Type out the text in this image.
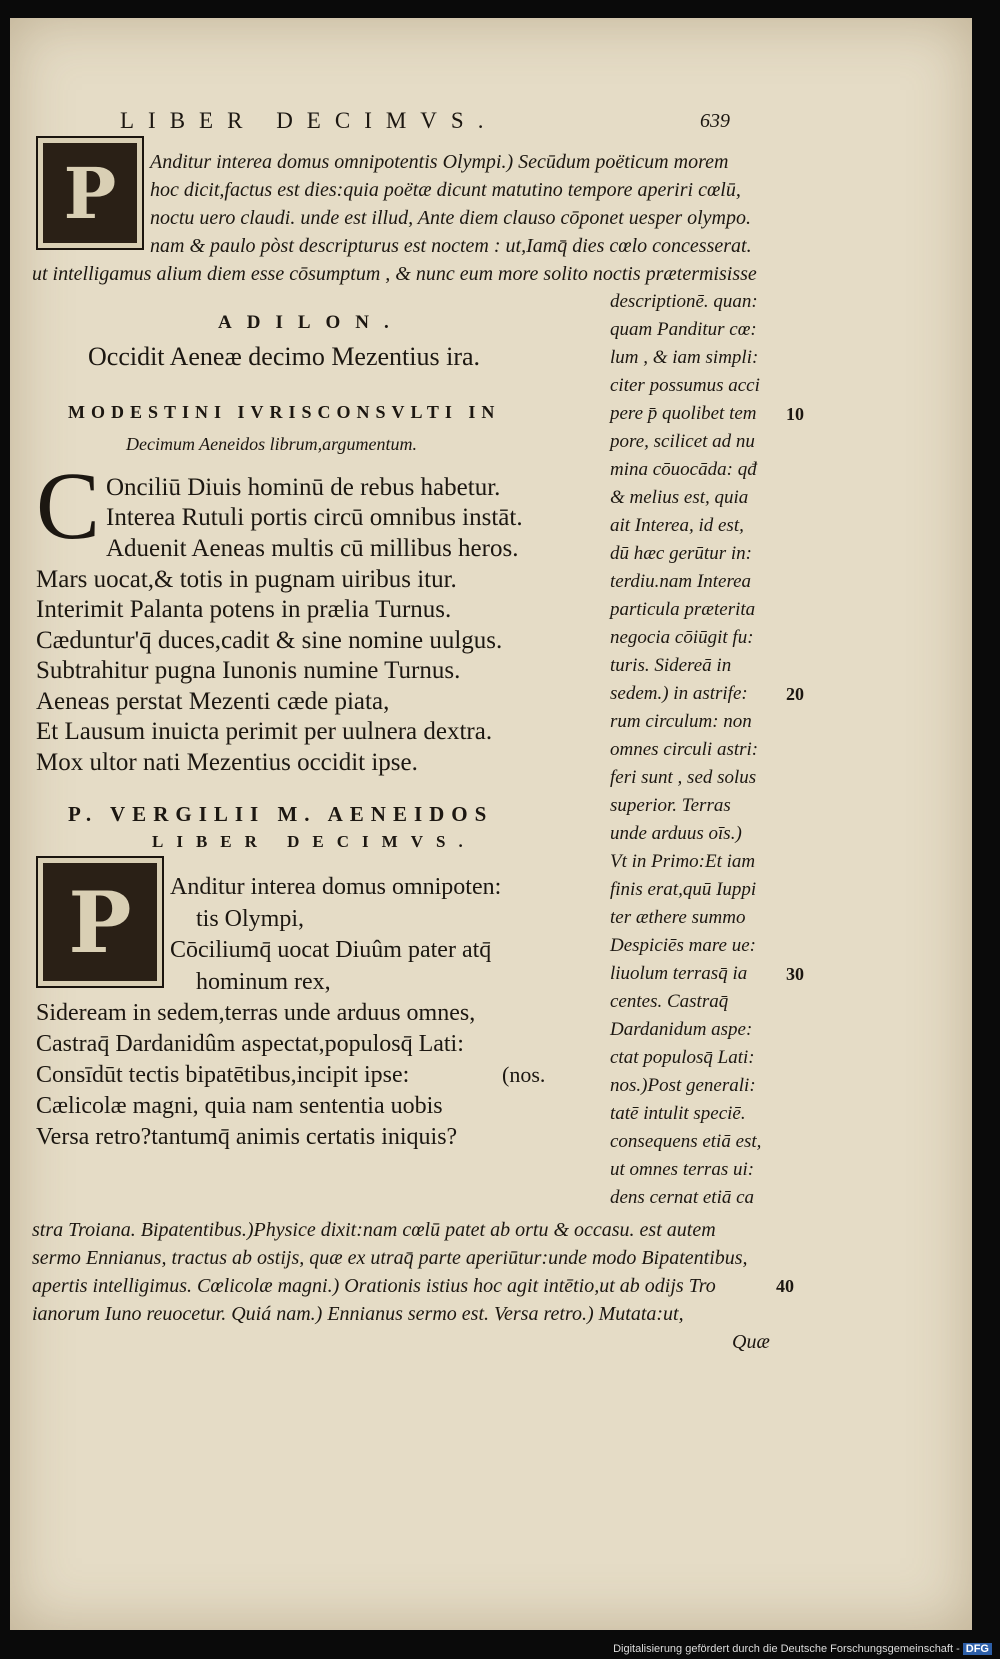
LIBER DECIMVS.	639
P Anditur interea domus omnipotentis Olympi.) Secūdum poëticum morem
hoc dicit,factus est dies:quia poëtæ dicunt matutino tempore aperiri cœlū,
noctu uero claudi. unde est illud, Ante diem clauso cōponet uesper olympo.
nam & paulo pòst descripturus est noctem : ut,Iamq̄ dies cœlo concesserat.
ut intelligamus alium diem esse cōsumptum , & nunc eum more solito noctis prætermisisse
ADILON.
Occidit Aeneæ decimo Mezentius ira.
MODESTINI IVRISCONSVLTI IN
Decimum Aeneidos librum,argumentum.
C Onciliū Diuis hominū de rebus habetur.
Interea Rutuli portis circū omnibus instāt.
Aduenit Aeneas multis cū millibus heros.
Mars uocat,& totis in pugnam uiribus itur.
Interimit Palanta potens in prælia Turnus.
Cæduntur'q̄ duces,cadit & sine nomine uulgus.
Subtrahitur pugna Iunonis numine Turnus.
Aeneas perstat Mezenti cæde piata,
Et Lausum inuicta perimit per uulnera dextra.
Mox ultor nati Mezentius occidit ipse.
P. VERGILII M. AENEIDOS
LIBER DECIMVS.
P Anditur interea domus omnipoten:
tis Olympi,
Cōciliumq̄ uocat Diuûm pater atq̄
hominum rex,
Sideream in sedem,terras unde arduus omnes,
Castraq̄ Dardanidûm aspectat,populosq̄ Lati:
Consīdūt tectis bipatētibus,incipit ipse:	(nos.
Cælicolæ magni, quia nam sententia uobis
Versa retro?tantumq̄ animis certatis iniquis?
descriptionē. quan:
quam Panditur cœ:
lum , & iam simpli:
citer possumus acci
pere p̄ quolibet tem
pore, scilicet ad nu
mina cōuocāda: qđ
& melius est, quia
ait Interea, id est,
dū hæc gerūtur in:
terdiu.nam Interea
particula præterita
negocia cōiūgit fu:
turis. Sidereā in
sedem.) in astrife:
rum circulum: non
omnes circuli astri:
feri sunt , sed solus
superior. Terras
unde arduus oīs.)
Vt in Primo:Et iam
finis erat,quū Iuppi
ter æthere summo
Despiciēs mare ue:
liuolum terrasq̄ ia
centes. Castraq̄
Dardanidum aspe:
ctat populosq̄ Lati:
nos.)Post generali:
tatē intulit speciē.
consequens etiā est,
ut omnes terras ui:
dens cernat etiā ca
10
20
30
40
stra Troiana. Bipatentibus.)Physice dixit:nam cœlū patet ab ortu & occasu. est autem
sermo Ennianus, tractus ab ostijs, quæ ex utraq̄ parte aperiūtur:unde modo Bipatentibus,
apertis intelligimus. Cœlicolæ magni.) Orationis istius hoc agit intētio,ut ab odijs Tro
ianorum Iuno reuocetur. Quiá nam.) Ennianus sermo est. Versa retro.) Mutata:ut,
Quæ
Digitalisierung gefördert durch die Deutsche Forschungsgemeinschaft - DFG
